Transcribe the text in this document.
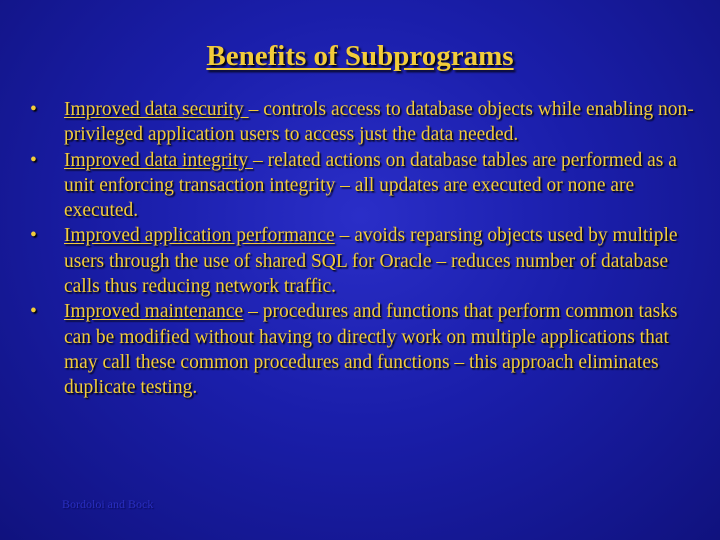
Benefits of Subprograms
• Improved data security – controls access to database objects while enabling non-privileged application users to access just the data needed.
• Improved data integrity – related actions on database tables are performed as a unit enforcing transaction integrity – all updates are executed or none are executed.
• Improved application performance – avoids reparsing objects used by multiple users through the use of shared SQL for Oracle – reduces number of database calls thus reducing network traffic.
• Improved maintenance – procedures and functions that perform common tasks can be modified without having to directly work on multiple applications that may call these common procedures and functions – this approach eliminates duplicate testing.
Bordoloi and Bock
